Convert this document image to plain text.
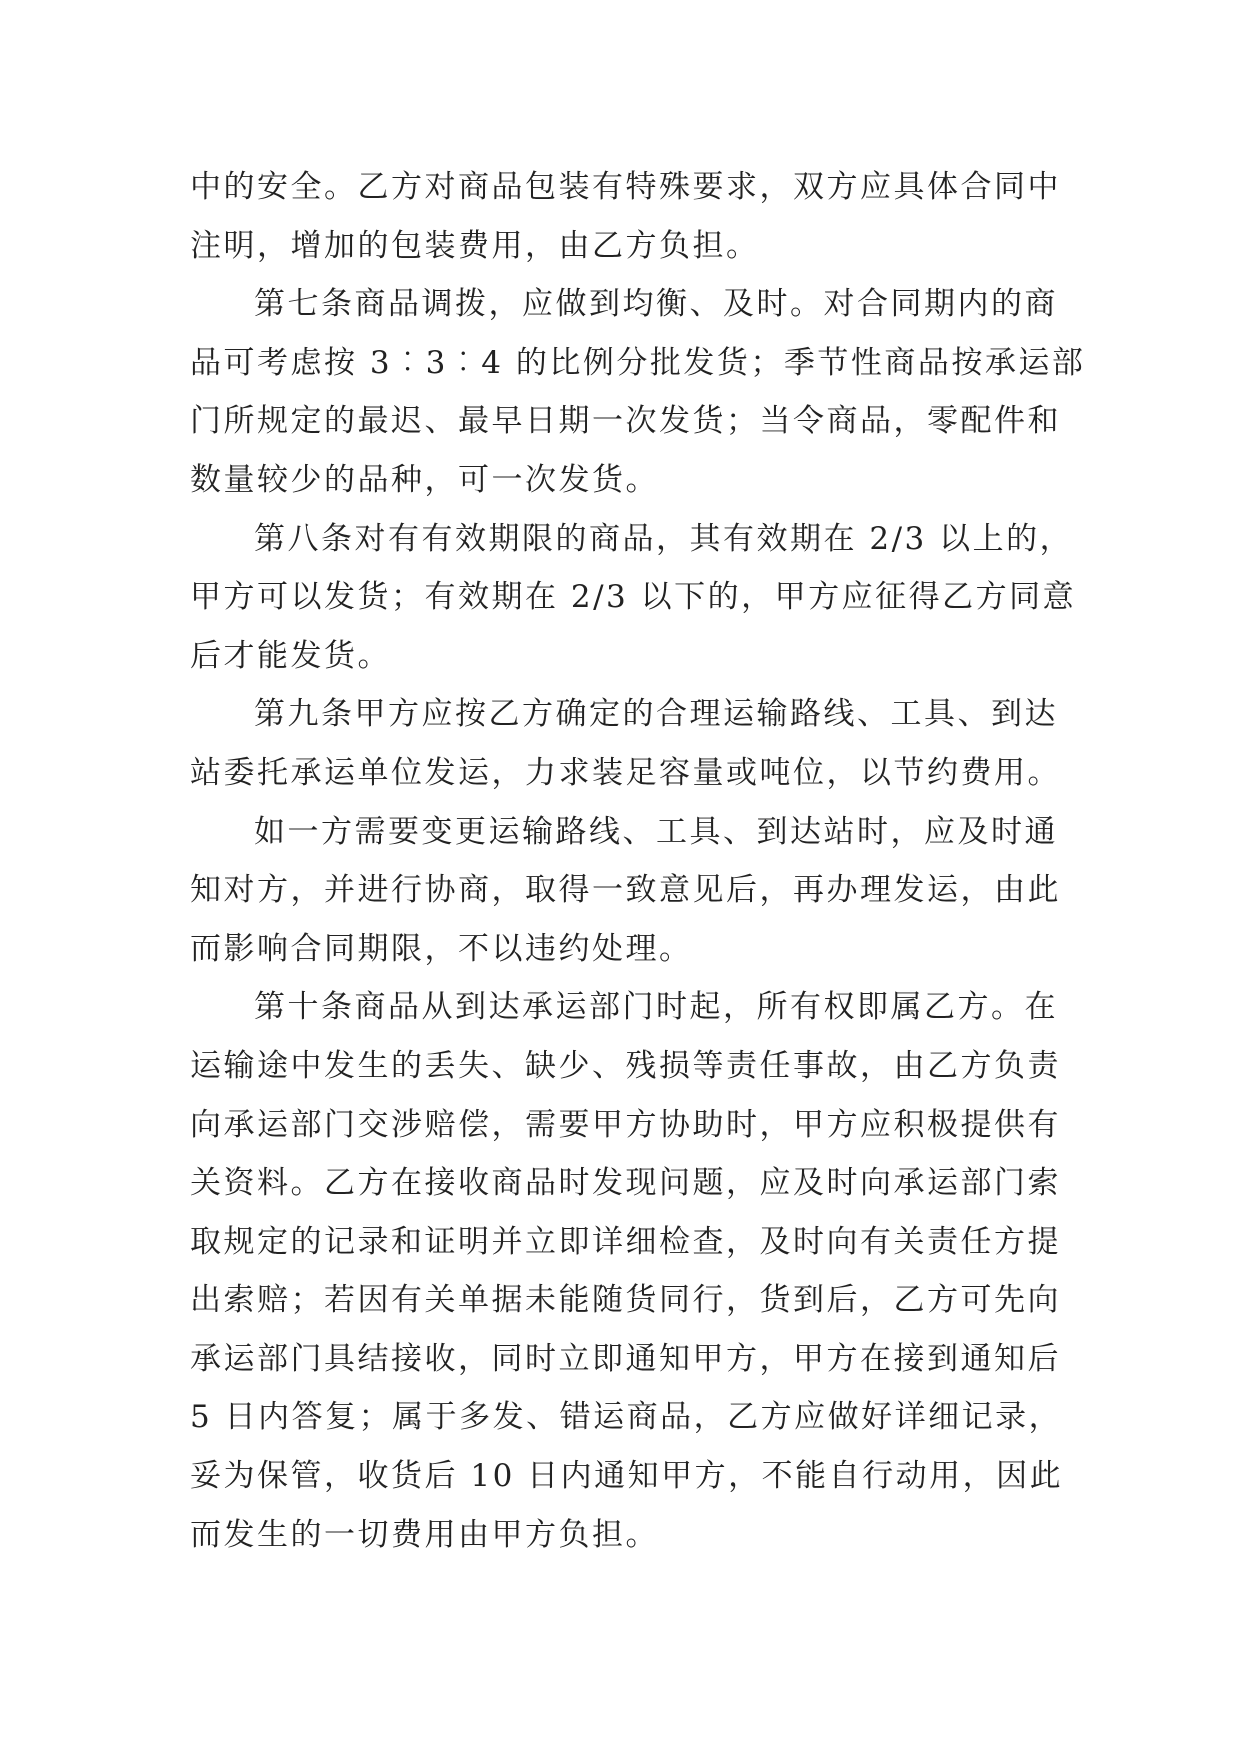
中的安全。乙方对商品包装有特殊要求，双方应具体合同中
注明，增加的包装费用，由乙方负担。
第七条商品调拨，应做到均衡、及时。对合同期内的商
品可考虑按 3︰3︰4 的比例分批发货；季节性商品按承运部
门所规定的最迟、最早日期一次发货；当令商品，零配件和
数量较少的品种，可一次发货。
第八条对有有效期限的商品，其有效期在 2/3 以上的，
甲方可以发货；有效期在 2/3 以下的，甲方应征得乙方同意
后才能发货。
第九条甲方应按乙方确定的合理运输路线、工具、到达
站委托承运单位发运，力求装足容量或吨位，以节约费用。
如一方需要变更运输路线、工具、到达站时，应及时通
知对方，并进行协商，取得一致意见后，再办理发运，由此
而影响合同期限，不以违约处理。
第十条商品从到达承运部门时起，所有权即属乙方。在
运输途中发生的丢失、缺少、残损等责任事故，由乙方负责
向承运部门交涉赔偿，需要甲方协助时，甲方应积极提供有
关资料。乙方在接收商品时发现问题，应及时向承运部门索
取规定的记录和证明并立即详细检查，及时向有关责任方提
出索赔；若因有关单据未能随货同行，货到后，乙方可先向
承运部门具结接收，同时立即通知甲方，甲方在接到通知后
5 日内答复；属于多发、错运商品，乙方应做好详细记录，
妥为保管，收货后 10 日内通知甲方，不能自行动用，因此
而发生的一切费用由甲方负担。
